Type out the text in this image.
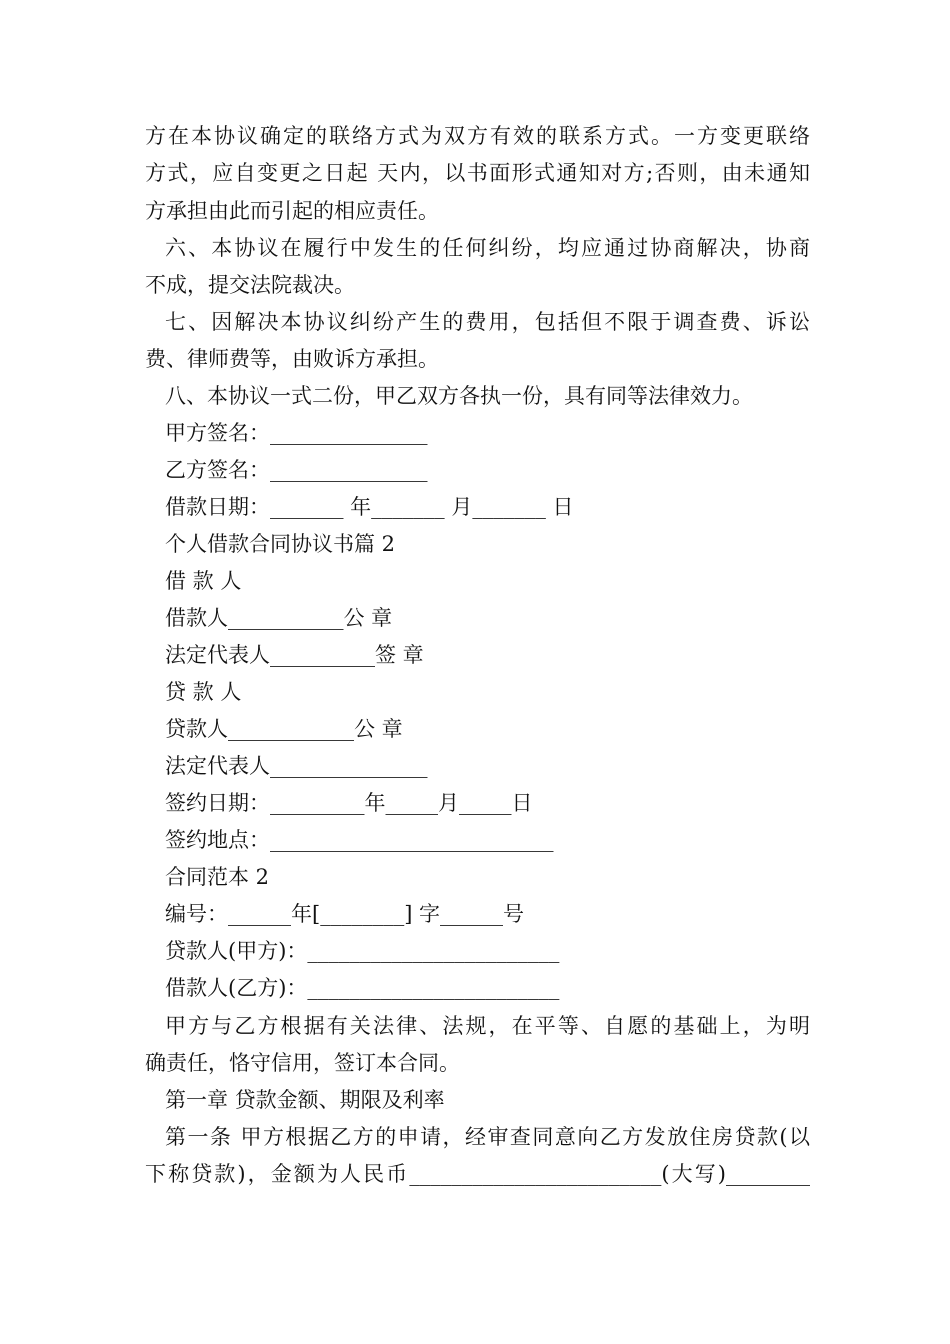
方在本协议确定的联络方式为双方有效的联系方式。一方变更联络
方式，应自变更之日起 天内，以书面形式通知对方;否则，由未通知
方承担由此而引起的相应责任。
六、本协议在履行中发生的任何纠纷，均应通过协商解决，协商
不成，提交法院裁决。
七、因解决本协议纠纷产生的费用，包括但不限于调查费、诉讼
费、律师费等，由败诉方承担。
八、本协议一式二份，甲乙双方各执一份，具有同等法律效力。
甲方签名：_______________
乙方签名：_______________
借款日期：_______ 年_______ 月_______ 日
个人借款合同协议书篇 2
借 款 人
借款人___________公 章
法定代表人__________签 章
贷 款 人
贷款人____________公 章
法定代表人_______________
签约日期：_________年_____月_____日
签约地点：___________________________
合同范本 2
编号：______年[________] 字______号
贷款人(甲方)：________________________
借款人(乙方)：________________________
甲方与乙方根据有关法律、法规，在平等、自愿的基础上，为明
确责任，恪守信用，签订本合同。
第一章 贷款金额、期限及利率
第一条 甲方根据乙方的申请，经审查同意向乙方发放住房贷款(以
下称贷款)，金额为人民币________________________(大写)________
